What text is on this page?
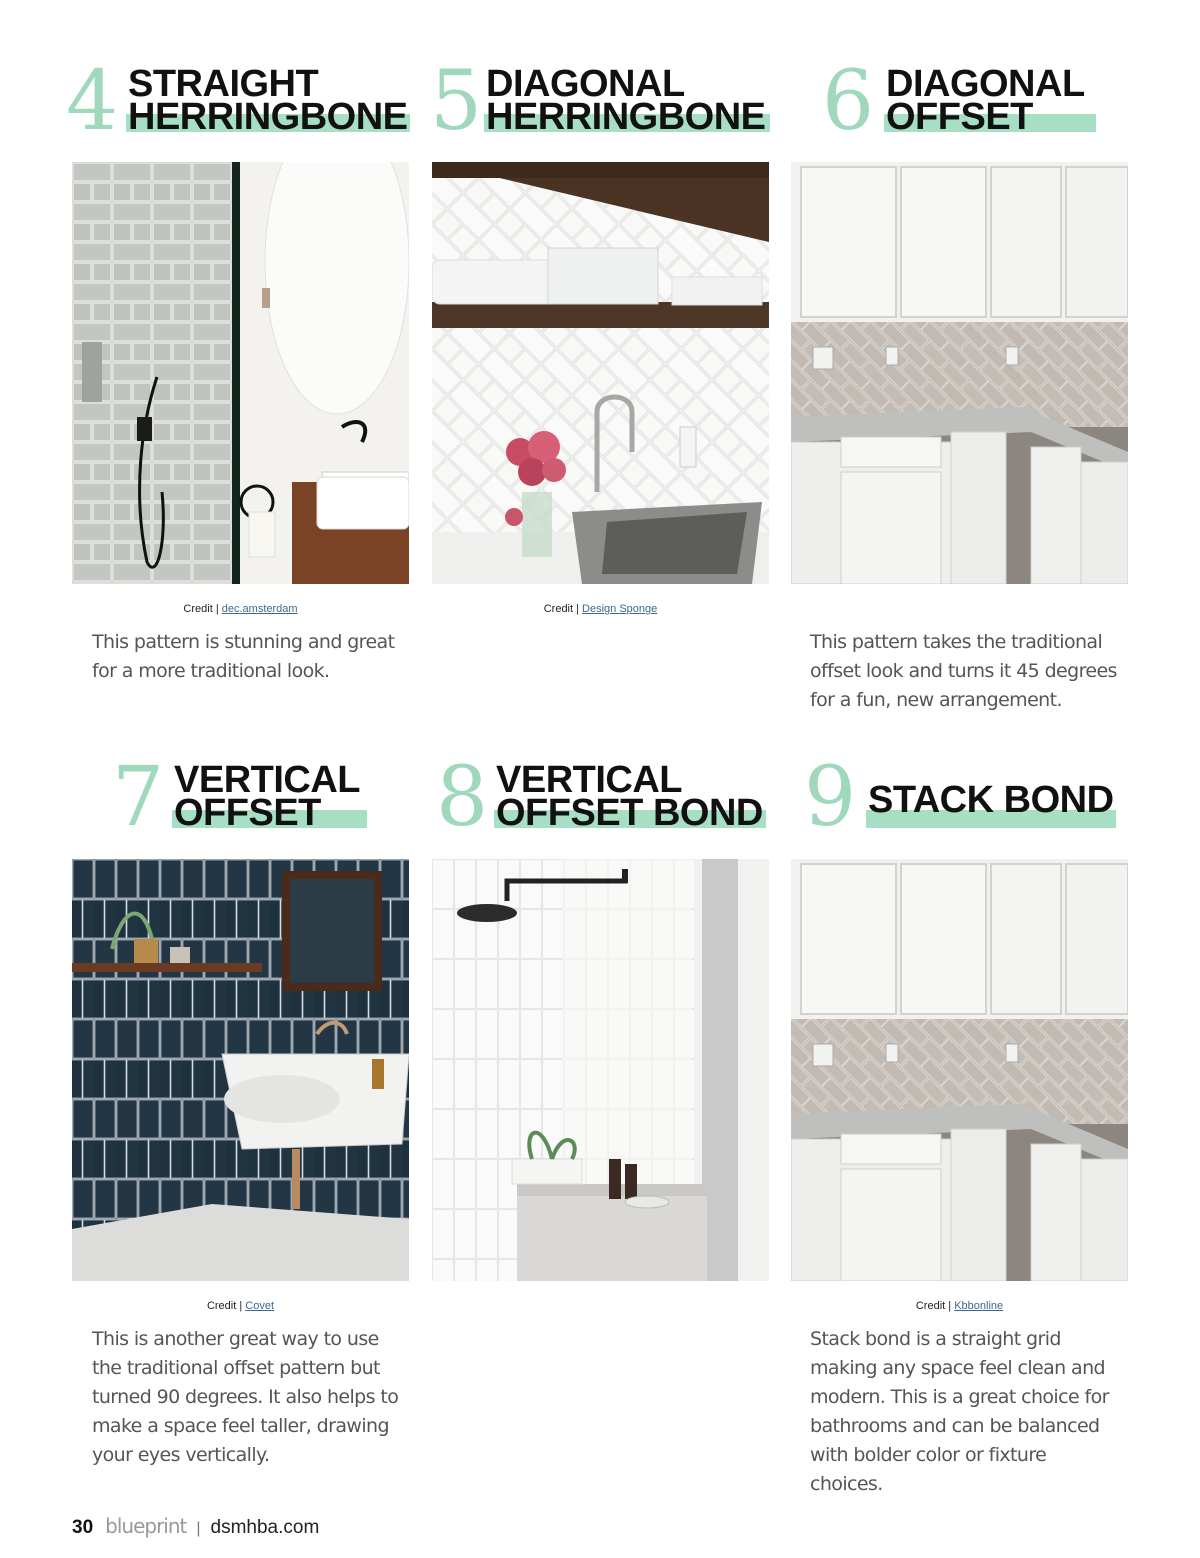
4 STRAIGHT
HERRINGBONE 5 DIAGONAL
HERRINGBONE 6 DIAGONAL
OFFSET
Credit | dec.amsterdam	Credit | Design Sponge
This pattern is stunning and great for a more traditional look.
This pattern takes the traditional offset look and turns it 45 degrees for a fun, new arrangement.
7 VERTICAL
OFFSET	8 VERTICAL
OFFSET BOND 9 STACK BOND
Credit | Covet	Credit | Kbbonline
This is another great way to use the traditional offset pattern but turned 90 degrees. It also helps to make a space feel taller, drawing your eyes vertically.
Stack bond is a straight grid making any space feel clean and modern. This is a great choice for bathrooms and can be balanced with bolder color or fixture choices.
30 blueprint | dsmhba.com
